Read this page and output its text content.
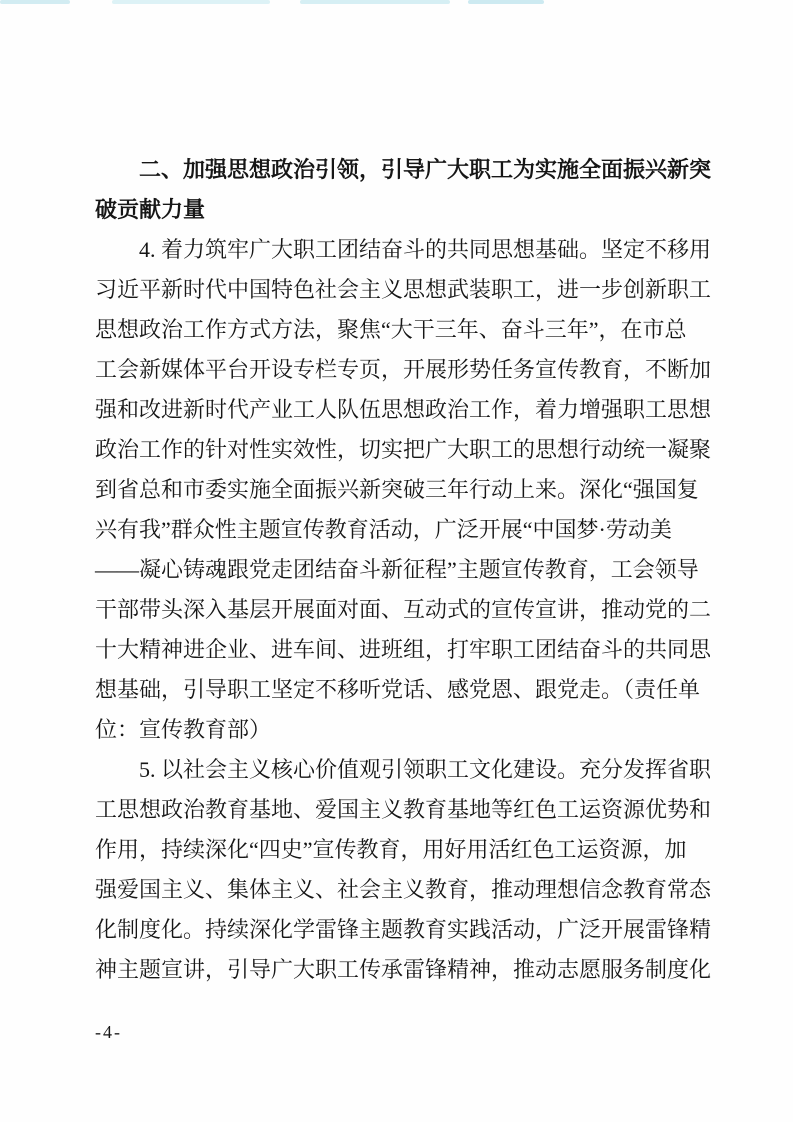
二、加强思想政治引领，引导广大职工为实施全面振兴新突
破贡献力量
4. 着力筑牢广大职工团结奋斗的共同思想基础。坚定不移用
习近平新时代中国特色社会主义思想武装职工，进一步创新职工
思想政治工作方式方法，聚焦“大干三年、奋斗三年”，在市总
工会新媒体平台开设专栏专页，开展形势任务宣传教育，不断加
强和改进新时代产业工人队伍思想政治工作，着力增强职工思想
政治工作的针对性实效性，切实把广大职工的思想行动统一凝聚
到省总和市委实施全面振兴新突破三年行动上来。深化“强国复
兴有我”群众性主题宣传教育活动，广泛开展“中国梦·劳动美
——凝心铸魂跟党走团结奋斗新征程”主题宣传教育，工会领导
干部带头深入基层开展面对面、互动式的宣传宣讲，推动党的二
十大精神进企业、进车间、进班组，打牢职工团结奋斗的共同思
想基础，引导职工坚定不移听党话、感党恩、跟党走。（责任单
位：宣传教育部）
5. 以社会主义核心价值观引领职工文化建设。充分发挥省职
工思想政治教育基地、爱国主义教育基地等红色工运资源优势和
作用，持续深化“四史”宣传教育，用好用活红色工运资源，加
强爱国主义、集体主义、社会主义教育，推动理想信念教育常态
化制度化。持续深化学雷锋主题教育实践活动，广泛开展雷锋精
神主题宣讲，引导广大职工传承雷锋精神，推动志愿服务制度化
-4-
